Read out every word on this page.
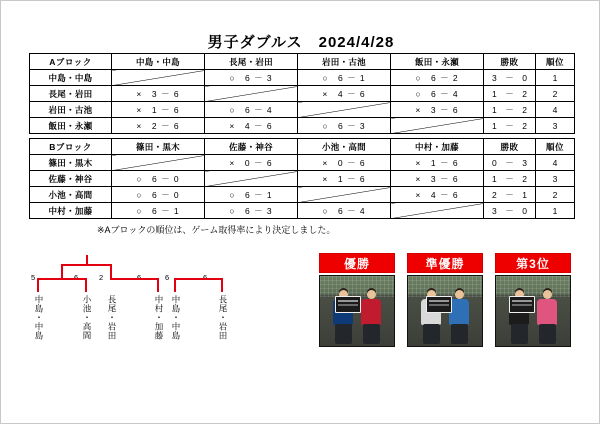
男子ダブルス 2024/4/28
Aブロック	中島・中島	長尾・岩田	岩田・古池	飯田・永瀬	勝敗	順位
中島・中島		○　6 － 3	○　6 － 1	○　6 － 2	3　－　0	1
長尾・岩田	×　3 － 6		×　4 － 6	○　6 － 4	1　－　2	2
岩田・古池	×　1 － 6	○　6 － 4		×　3 － 6	1　－　2	4
飯田・永瀬	×　2 － 6	×　4 － 6	○　6 － 3		1　－　2	3
Bブロック	篠田・黒木	佐藤・神谷	小池・高間	中村・加藤	勝敗	順位
篠田・黒木		×　0 － 6	×　0 － 6	×　1 － 6	0　－　3	4
佐藤・神谷	○　6 － 0		×　1 － 6	×　3 － 6	1　－　2	3
小池・高間	○　6 － 0	○　6 － 1		×　4 － 6	2　－　1	2
中村・加藤	○　6 － 1	○　6 － 3	○　6 － 4		3　－　0	1
※Aブロックの順位は、ゲーム取得率により決定しました。
5	2	6
中島・中島	小池・高間 長尾・岩田	中村・加藤 中島・中島	長尾・岩田
優勝	準優勝	第3位
